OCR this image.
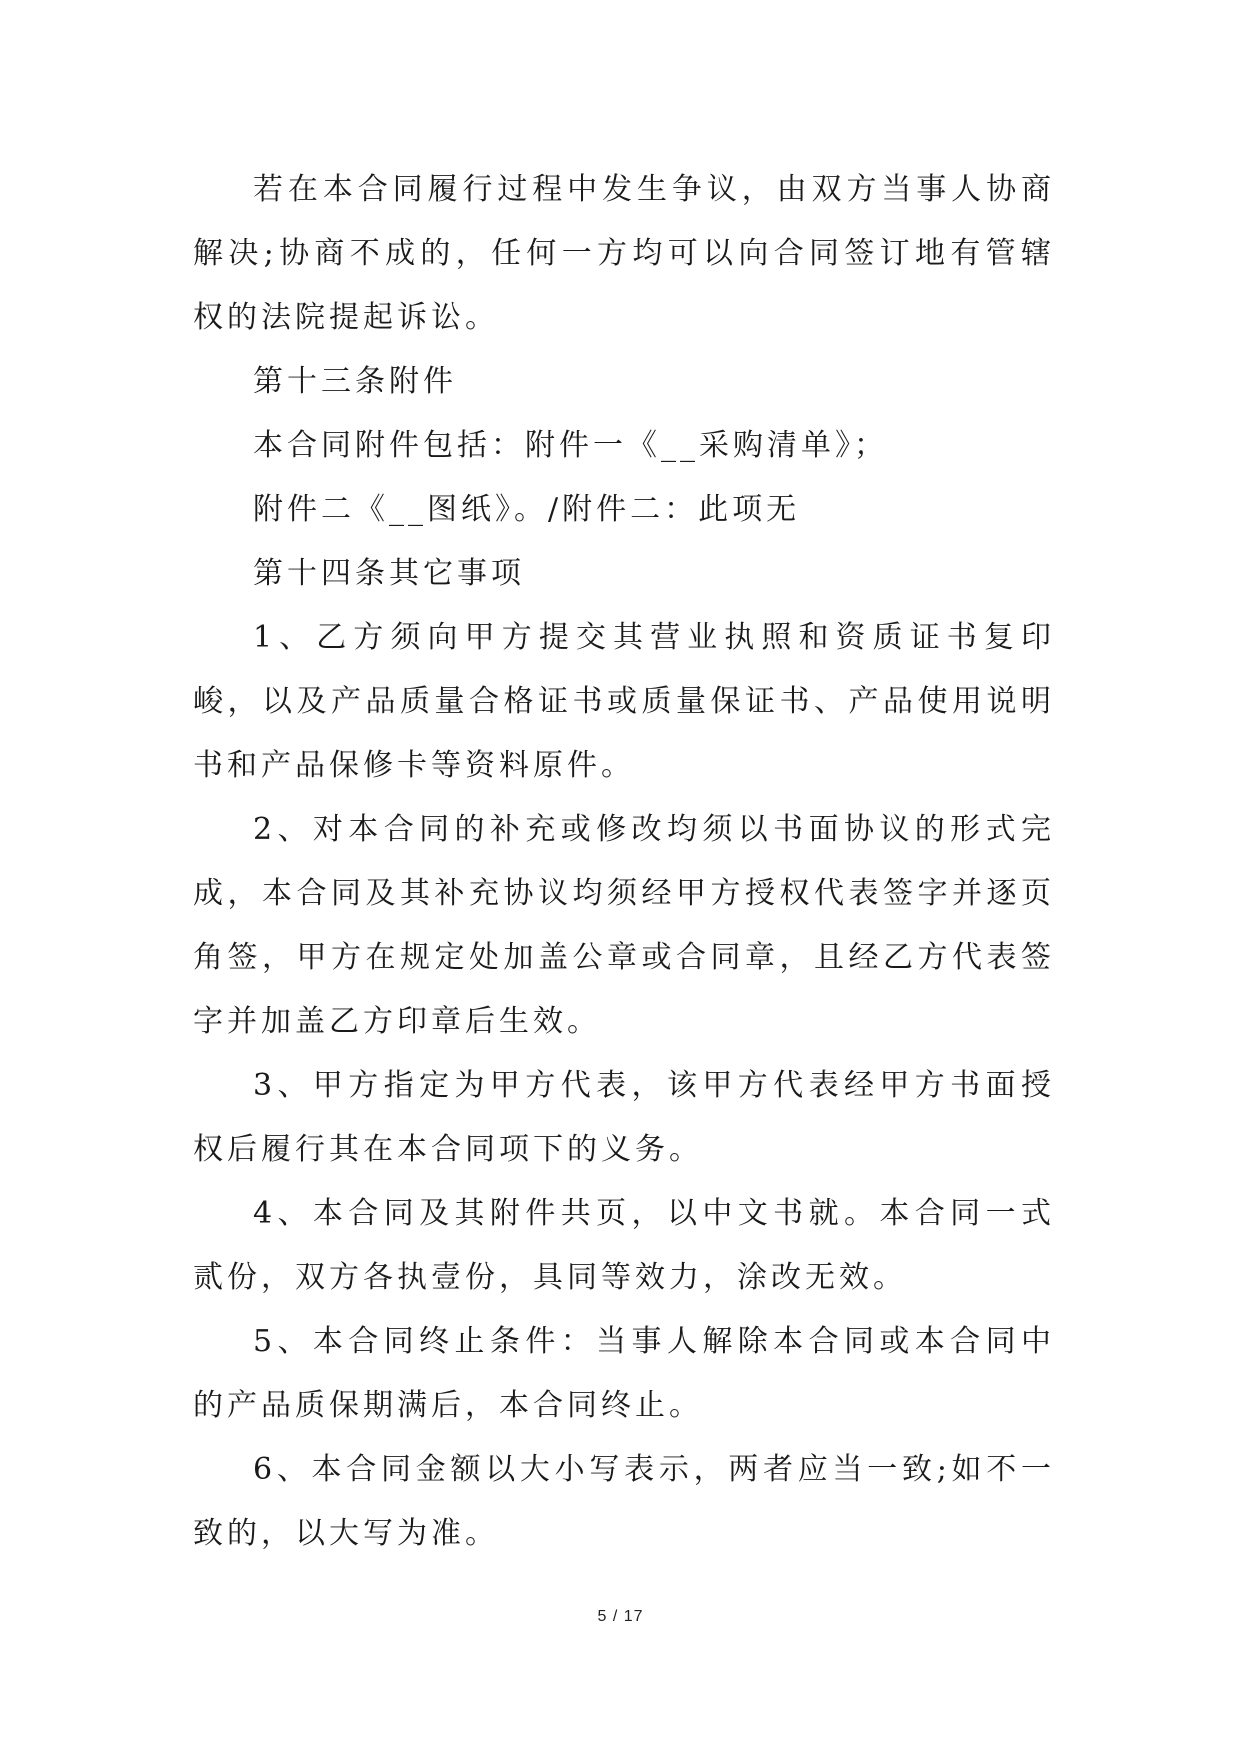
若在本合同履行过程中发生争议，由双方当事人协商解决;协商不成的，任何一方均可以向合同签订地有管辖权的法院提起诉讼。

第十三条附件

本合同附件包括：附件一《__采购清单》；

附件二《__图纸》。/附件二：此项无

第十四条其它事项

1、乙方须向甲方提交其营业执照和资质证书复印峻，以及产品质量合格证书或质量保证书、产品使用说明书和产品保修卡等资料原件。

2、对本合同的补充或修改均须以书面协议的形式完成，本合同及其补充协议均须经甲方授权代表签字并逐页角签，甲方在规定处加盖公章或合同章，且经乙方代表签字并加盖乙方印章后生效。

3、甲方指定为甲方代表，该甲方代表经甲方书面授权后履行其在本合同项下的义务。

4、本合同及其附件共页，以中文书就。本合同一式贰份，双方各执壹份，具同等效力，涂改无效。

5、本合同终止条件：当事人解除本合同或本合同中的产品质保期满后，本合同终止。

6、本合同金额以大小写表示，两者应当一致;如不一致的，以大写为准。

5 / 17
